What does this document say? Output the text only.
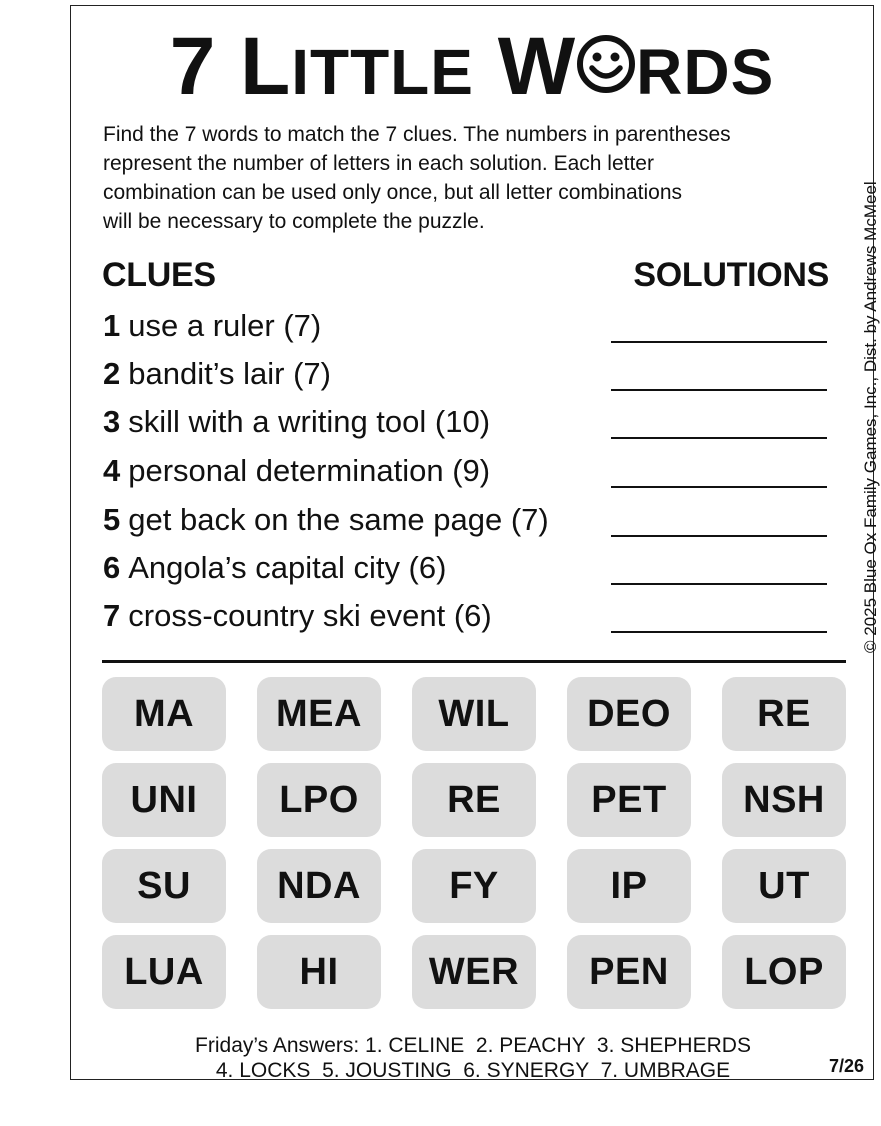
7 LITTLE W RDS
Find the 7 words to match the 7 clues. The numbers in parentheses
represent the number of letters in each solution. Each letter
combination can be used only once, but all letter combinations
will be necessary to complete the puzzle.
CLUES	SOLUTIONS
1 use a ruler (7)
2 bandit’s lair (7)
3 skill with a writing tool (10)
4 personal determination (9)
5 get back on the same page (7)
6 Angola’s capital city (6)
7 cross-country ski event (6)	© 2025 Blue Ox Family Games, Inc., Dist. by Andrews McMeel
MA	MEA	WIL	DEO	RE
UNI	LPO	RE	PET	NSH
SU	NDA	FY	IP	UT
LUA	HI	WER	PEN	LOP
Friday’s Answers: 1. CELINE  2. PEACHY  3. SHEPHERDS
4. LOCKS  5. JOUSTING  6. SYNERGY  7. UMBRAGE	7/26
